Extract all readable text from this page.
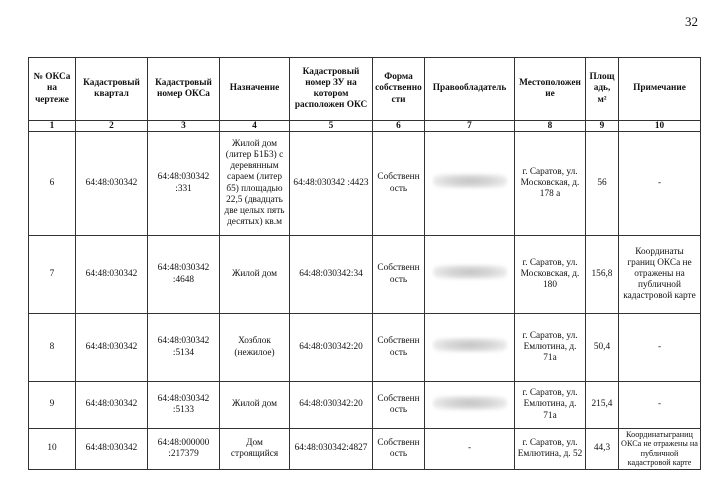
32
№ ОКСа на чертеже	Кадастровый квартал	Кадастровый номер ОКСа	Назначение	Кадастровый номер ЗУ на котором расположен ОКС	Форма собственности	Правообладатель	Местоположение	Площадь, м²	Примечание
1	2	3	4	5	6	7	8	9	10
6	64:48:030342	64:48:030342 :331	Жилой дом (литер Б1Б3) с деревянным сараем (литер б5) площадью 22,5 (двадцать две целых пять десятых) кв.м	64:48:030342 :4423	Собственность		г. Саратов, ул. Московская, д. 178 а	56	-
7	64:48:030342	64:48:030342 :4648	Жилой дом	64:48:030342:34	Собственность		г. Саратов, ул. Московская, д. 180	156,8	Координаты границ ОКСа не отражены на публичной кадастровой карте
8	64:48:030342	64:48:030342 :5134	Хозблок (нежилое)	64:48:030342:20	Собственность		г. Саратов, ул. Емлютина, д. 71а	50,4	-
9	64:48:030342	64:48:030342 :5133	Жилой дом	64:48:030342:20	Собственность		г. Саратов, ул. Емлютина, д. 71а	215,4	-
10	64:48:030342	64:48:000000 :217379	Дом строящийся	64:48:030342:4827	Собственность	-	г. Саратов, ул. Емлютина, д. 52	44,3	Координатыграниц ОКСа не отражены на публичной кадастровой карте
